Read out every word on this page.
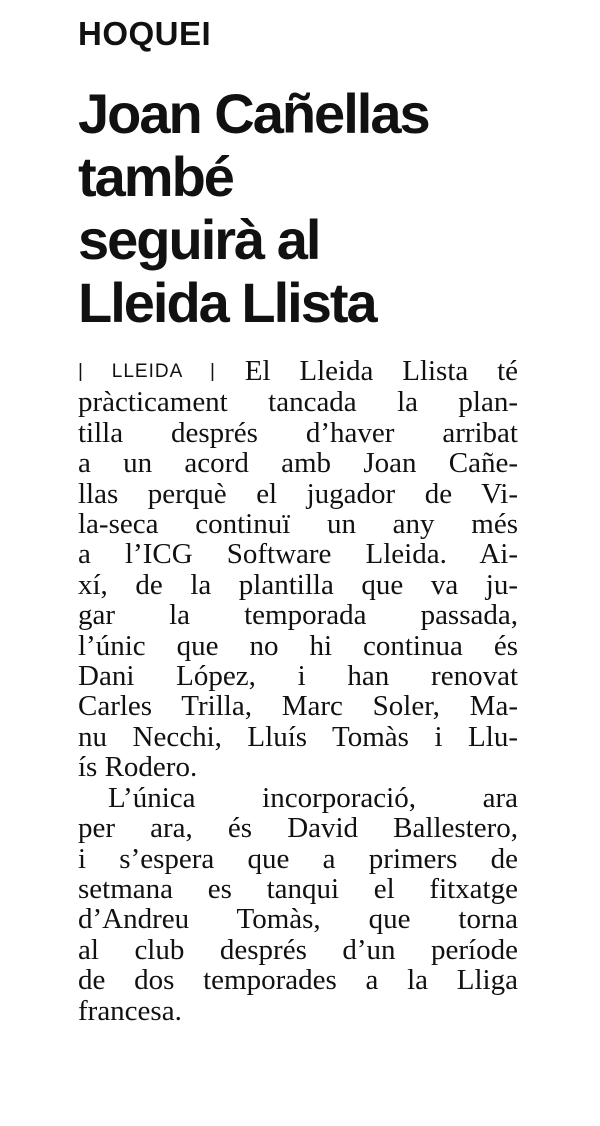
HOQUEI
Joan Cañellas
també
seguirà al
Lleida Llista
| LLEIDA | El Lleida Llista té
pràcticament tancada la plan-
tilla després d’haver arribat
a un acord amb Joan Cañe-
llas perquè el jugador de Vi-
la-seca continuï un any més
a l’ICG Software Lleida. Ai-
xí, de la plantilla que va ju-
gar la temporada passada,
l’únic que no hi continua és
Dani López, i han renovat
Carles Trilla, Marc Soler, Ma-
nu Necchi, Lluís Tomàs i Llu-
ís Rodero.
L’única incorporació, ara
per ara, és David Ballestero,
i s’espera que a primers de
setmana es tanqui el fitxatge
d’Andreu Tomàs, que torna
al club després d’un període
de dos temporades a la Lliga
francesa.
